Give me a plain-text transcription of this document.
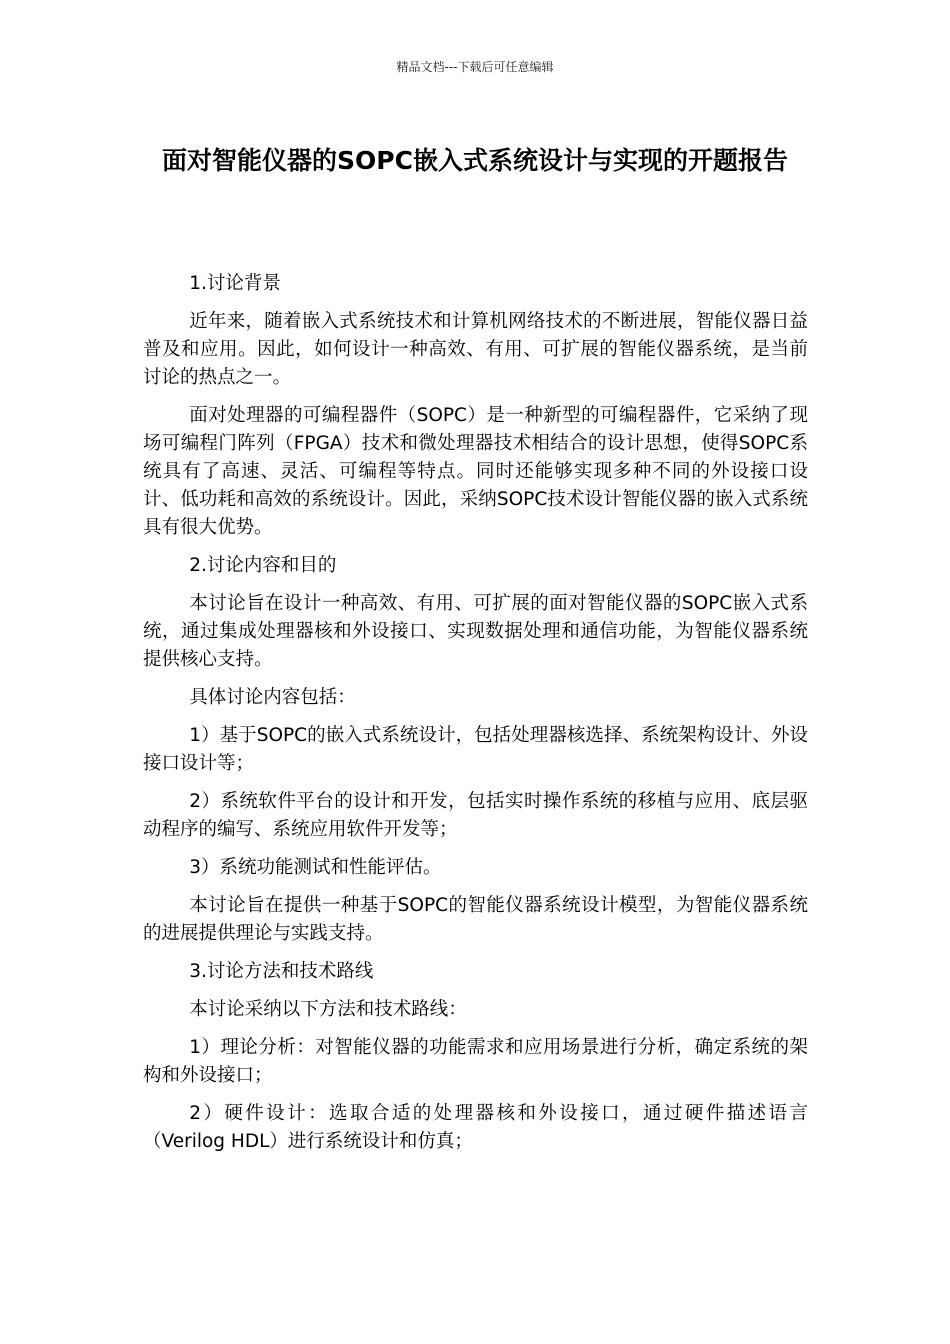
精品文档---下载后可任意编辑
面对智能仪器的SOPC嵌入式系统设计与实现的开题报告

1.讨论背景

近年来，随着嵌入式系统技术和计算机网络技术的不断进展，智能仪器日益普及和应用。因此，如何设计一种高效、有用、可扩展的智能仪器系统，是当前讨论的热点之一。

面对处理器的可编程器件（SOPC）是一种新型的可编程器件，它采纳了现场可编程门阵列（FPGA）技术和微处理器技术相结合的设计思想，使得SOPC系统具有了高速、灵活、可编程等特点。同时还能够实现多种不同的外设接口设计、低功耗和高效的系统设计。因此，采纳SOPC技术设计智能仪器的嵌入式系统具有很大优势。

2.讨论内容和目的

本讨论旨在设计一种高效、有用、可扩展的面对智能仪器的SOPC嵌入式系统，通过集成处理器核和外设接口、实现数据处理和通信功能，为智能仪器系统提供核心支持。

具体讨论内容包括：

1）基于SOPC的嵌入式系统设计，包括处理器核选择、系统架构设计、外设接口设计等；

2）系统软件平台的设计和开发，包括实时操作系统的移植与应用、底层驱动程序的编写、系统应用软件开发等；

3）系统功能测试和性能评估。

本讨论旨在提供一种基于SOPC的智能仪器系统设计模型，为智能仪器系统的进展提供理论与实践支持。

3.讨论方法和技术路线

本讨论采纳以下方法和技术路线：

1）理论分析：对智能仪器的功能需求和应用场景进行分析，确定系统的架构和外设接口；

2）硬件设计：选取合适的处理器核和外设接口，通过硬件描述语言（Verilog HDL）进行系统设计和仿真；
